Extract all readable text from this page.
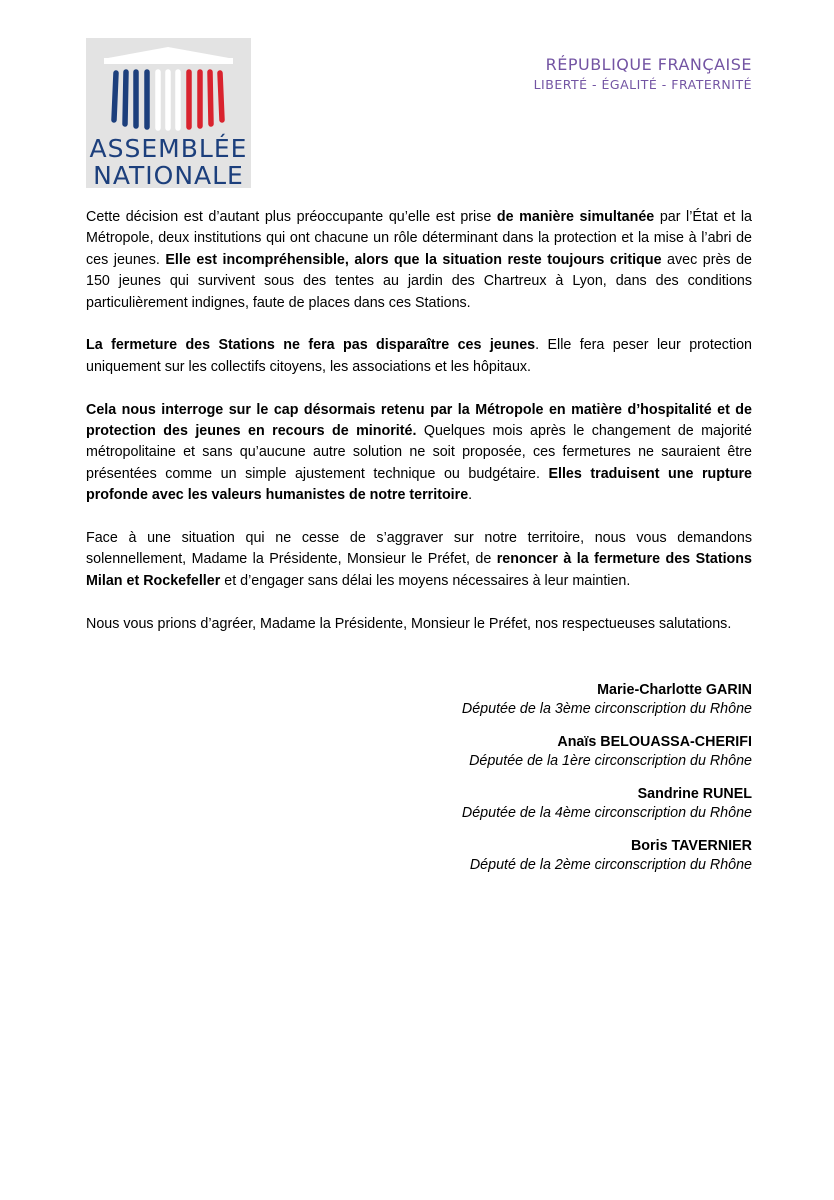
ASSEMBLÉE
NATIONALE
RÉPUBLIQUE FRANÇAISE
LIBERTÉ - ÉGALITÉ - FRATERNITÉ

Cette décision est d’autant plus préoccupante qu’elle est prise de manière simultanée par l’État et la Métropole, deux institutions qui ont chacune un rôle déterminant dans la protection et la mise à l’abri de ces jeunes. Elle est incompréhensible, alors que la situation reste toujours critique avec près de 150 jeunes qui survivent sous des tentes au jardin des Chartreux à Lyon, dans des conditions particulièrement indignes, faute de places dans ces Stations.

La fermeture des Stations ne fera pas disparaître ces jeunes. Elle fera peser leur protection uniquement sur les collectifs citoyens, les associations et les hôpitaux.

Cela nous interroge sur le cap désormais retenu par la Métropole en matière d’hospitalité et de protection des jeunes en recours de minorité. Quelques mois après le changement de majorité métropolitaine et sans qu’aucune autre solution ne soit proposée, ces fermetures ne sauraient être présentées comme un simple ajustement technique ou budgétaire. Elles traduisent une rupture profonde avec les valeurs humanistes de notre territoire.

Face à une situation qui ne cesse de s’aggraver sur notre territoire, nous vous demandons solennellement, Madame la Présidente, Monsieur le Préfet, de renoncer à la fermeture des Stations Milan et Rockefeller et d’engager sans délai les moyens nécessaires à leur maintien.

Nous vous prions d’agréer, Madame la Présidente, Monsieur le Préfet, nos respectueuses salutations.

Marie-Charlotte GARIN
Députée de la 3ème circonscription du Rhône
Anaïs BELOUASSA-CHERIFI
Députée de la 1ère circonscription du Rhône
Sandrine RUNEL
Députée de la 4ème circonscription du Rhône
Boris TAVERNIER
Député de la 2ème circonscription du Rhône
